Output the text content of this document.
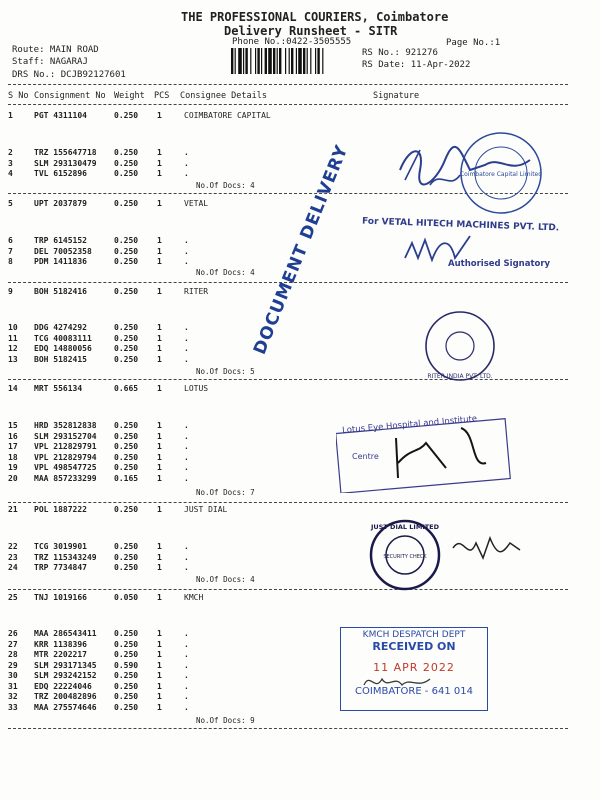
THE PROFESSIONAL COURIERS, Coimbatore
Delivery Runsheet - SITR
Phone No.:0422-3505555	Page No.:1
Route: MAIN ROAD
Staff: NAGARAJ
DRS No.: DCJB92127601
RS No.: 921276
RS Date: 11-Apr-2022
S No Consignment No Weight PCS Consignee Details	Signature
1	PGT 4311104	0.250 1	COIMBATORE CAPITAL
2	TRZ 155647718 0.250 1	.
3	SLM 293130479 0.250 1	.
4	TVL 6152896	0.250 1	.
No.Of Docs: 4
5	UPT 2037879	0.250 1	VETAL
6	TRP 6145152	0.250 1	.
7	DEL 70052358	0.250 1	.
8	PDM 1411836	0.250 1	.
No.Of Docs: 4
9	BOH 5182416	0.250 1	RITER
10 DDG 4274292	0.250 1	.
11 TCG 40083111	0.250 1	.
12 EDQ 14880056	0.250 1	.
13 BOH 5182415	0.250 1	.
No.Of Docs: 5
14 MRT 556134	0.665 1	LOTUS
15 HRD 352812838 0.250 1	.
16 SLM 293152704 0.250 1	.
17 VPL 212829791 0.250 1	.
18 VPL 212829794 0.250 1	.
19 VPL 498547725 0.250 1	.
20 MAA 857233299 0.165 1	.
No.Of Docs: 7
21 POL 1887222	0.250 1	JUST DIAL
22 TCG 3019901	0.250 1	.
23 TRZ 115343249 0.250 1	.
24 TRP 7734847	0.250 1	.
No.Of Docs: 4
25 TNJ 1019166	0.050 1	KMCH
26 MAA 286543411 0.250 1	.
27 KRR 1138396	0.250 1	.
28 MTR 2202217	0.250 1	.
29 SLM 293171345 0.590 1	.
30 SLM 293242152 0.250 1	.
31 EDQ 22224046	0.250 1	.
32 TRZ 200482896 0.250 1	.
33 MAA 275574646 0.250 1	.
No.Of Docs: 9
Coimbatore Capital Limited
For VETAL HITECH MACHINES PVT. LTD.
Authorised Signatory
RITER INDIA PVT. LTD.
DOCUMENT DELIVERY
Lotus Eye Hospital and Institute
Centre
JUST DIAL LIMITED
SECURITY CHECK
KMCH DESPATCH DEPT
RECEIVED ON
11 APR 2022
COIMBATORE - 641 014
